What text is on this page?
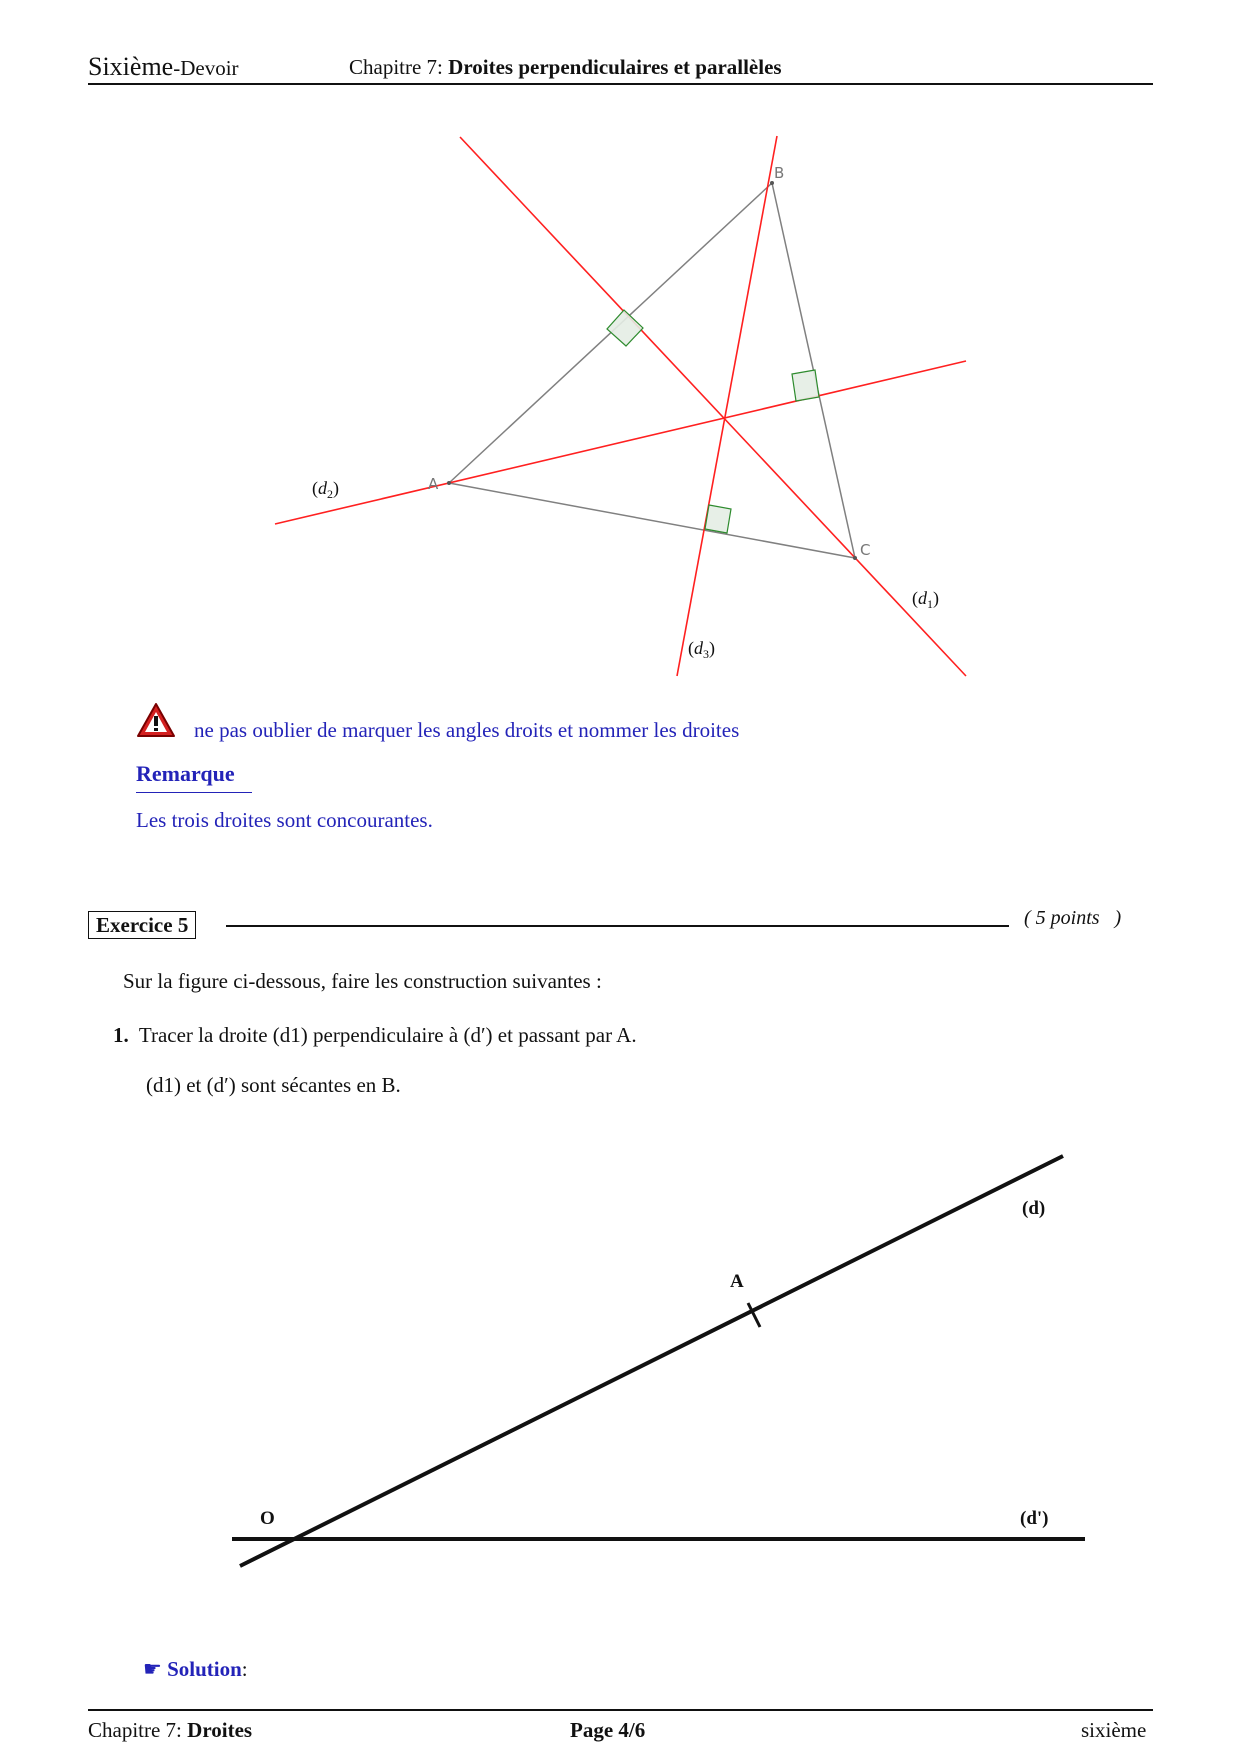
Sixième-Devoir	Chapitre 7: Droites perpendiculaires et parallèles
A
B
C
$(d_2)$
$(d_1)$
$(d_3)$
ne pas oublier de marquer les angles droits et nommer les droites
Remarque
Les trois droites sont concourantes.
Exercice 5	( 5 points   )
Sur la figure ci-dessous, faire les construction suivantes :
1. Tracer la droite (d1) perpendiculaire à (d′) et passant par A.
(d1) et (d′) sont sécantes en B.
(d)
(d')
A
O
☛ Solution:
Chapitre 7: Droites	Page 4/6	sixième
